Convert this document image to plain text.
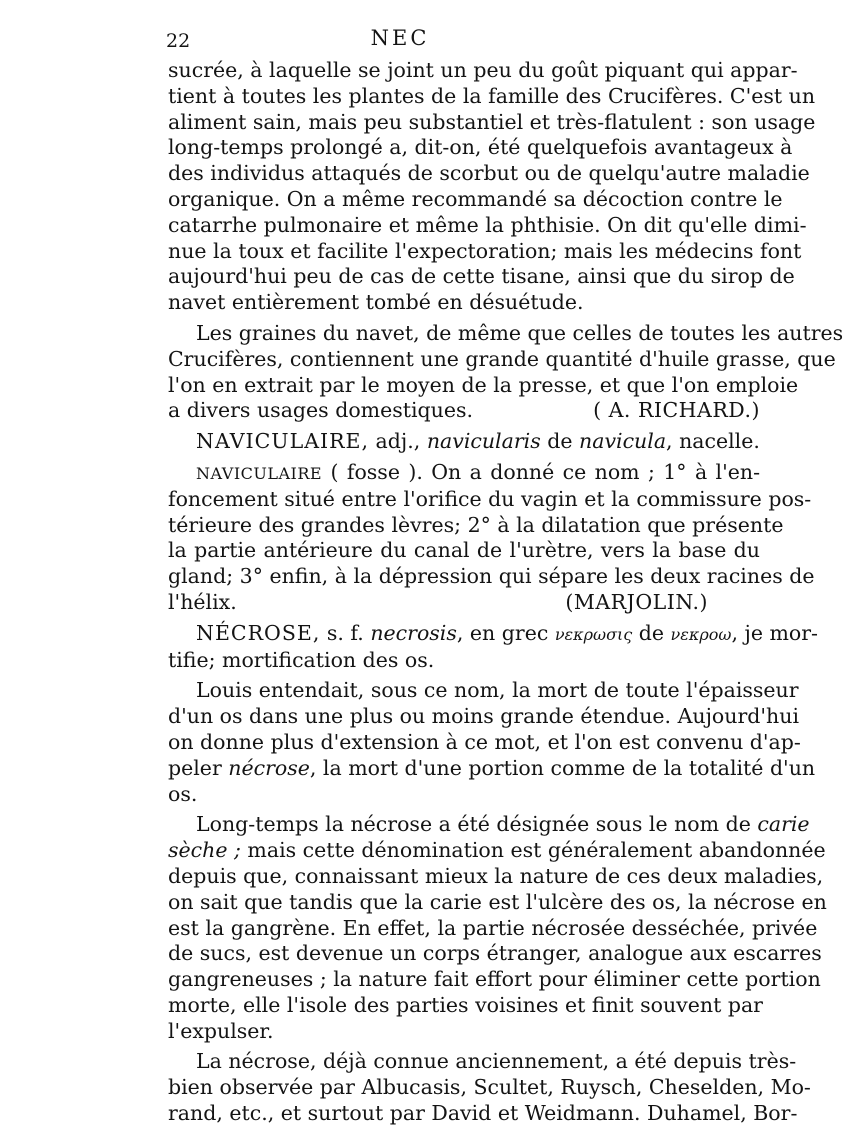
22	NEC
sucrée, à laquelle se joint un peu du goût piquant qui appar-
tient à toutes les plantes de la famille des Crucifères. C'est un
aliment sain, mais peu substantiel et très-flatulent : son usage
long-temps prolongé a, dit-on, été quelquefois avantageux à
des individus attaqués de scorbut ou de quelqu'autre maladie
organique. On a même recommandé sa décoction contre le
catarrhe pulmonaire et même la phthisie. On dit qu'elle dimi-
nue la toux et facilite l'expectoration; mais les médecins font
aujourd'hui peu de cas de cette tisane, ainsi que du sirop de
navet entièrement tombé en désuétude.
Les graines du navet, de même que celles de toutes les autres
Crucifères, contiennent une grande quantité d'huile grasse, que
l'on en extrait par le moyen de la presse, et que l'on emploie
a divers usages domestiques.	( A. RICHARD.)
NAVICULAIRE, adj., navicularis de navicula, nacelle.
NAVICULAIRE ( fosse ). On a donné ce nom ; 1° à l'en-
foncement situé entre l'orifice du vagin et la commissure pos-
térieure des grandes lèvres; 2° à la dilatation que présente
la partie antérieure du canal de l'urètre, vers la base du
gland; 3° enfin, à la dépression qui sépare les deux racines de
l'hélix.	(MARJOLIN.)
NÉCROSE, s. f. necrosis, en grec νεκρωσις de νεκροω, je mor-
tifie; mortification des os.
Louis entendait, sous ce nom, la mort de toute l'épaisseur
d'un os dans une plus ou moins grande étendue. Aujourd'hui
on donne plus d'extension à ce mot, et l'on est convenu d'ap-
peler nécrose, la mort d'une portion comme de la totalité d'un
os.
Long-temps la nécrose a été désignée sous le nom de carie
sèche ; mais cette dénomination est généralement abandonnée
depuis que, connaissant mieux la nature de ces deux maladies,
on sait que tandis que la carie est l'ulcère des os, la nécrose en
est la gangrène. En effet, la partie nécrosée desséchée, privée
de sucs, est devenue un corps étranger, analogue aux escarres
gangreneuses ; la nature fait effort pour éliminer cette portion
morte, elle l'isole des parties voisines et finit souvent par
l'expulser.
La nécrose, déjà connue anciennement, a été depuis très-
bien observée par Albucasis, Scultet, Ruysch, Cheselden, Mo-
rand, etc., et surtout par David et Weidmann. Duhamel, Bor-
